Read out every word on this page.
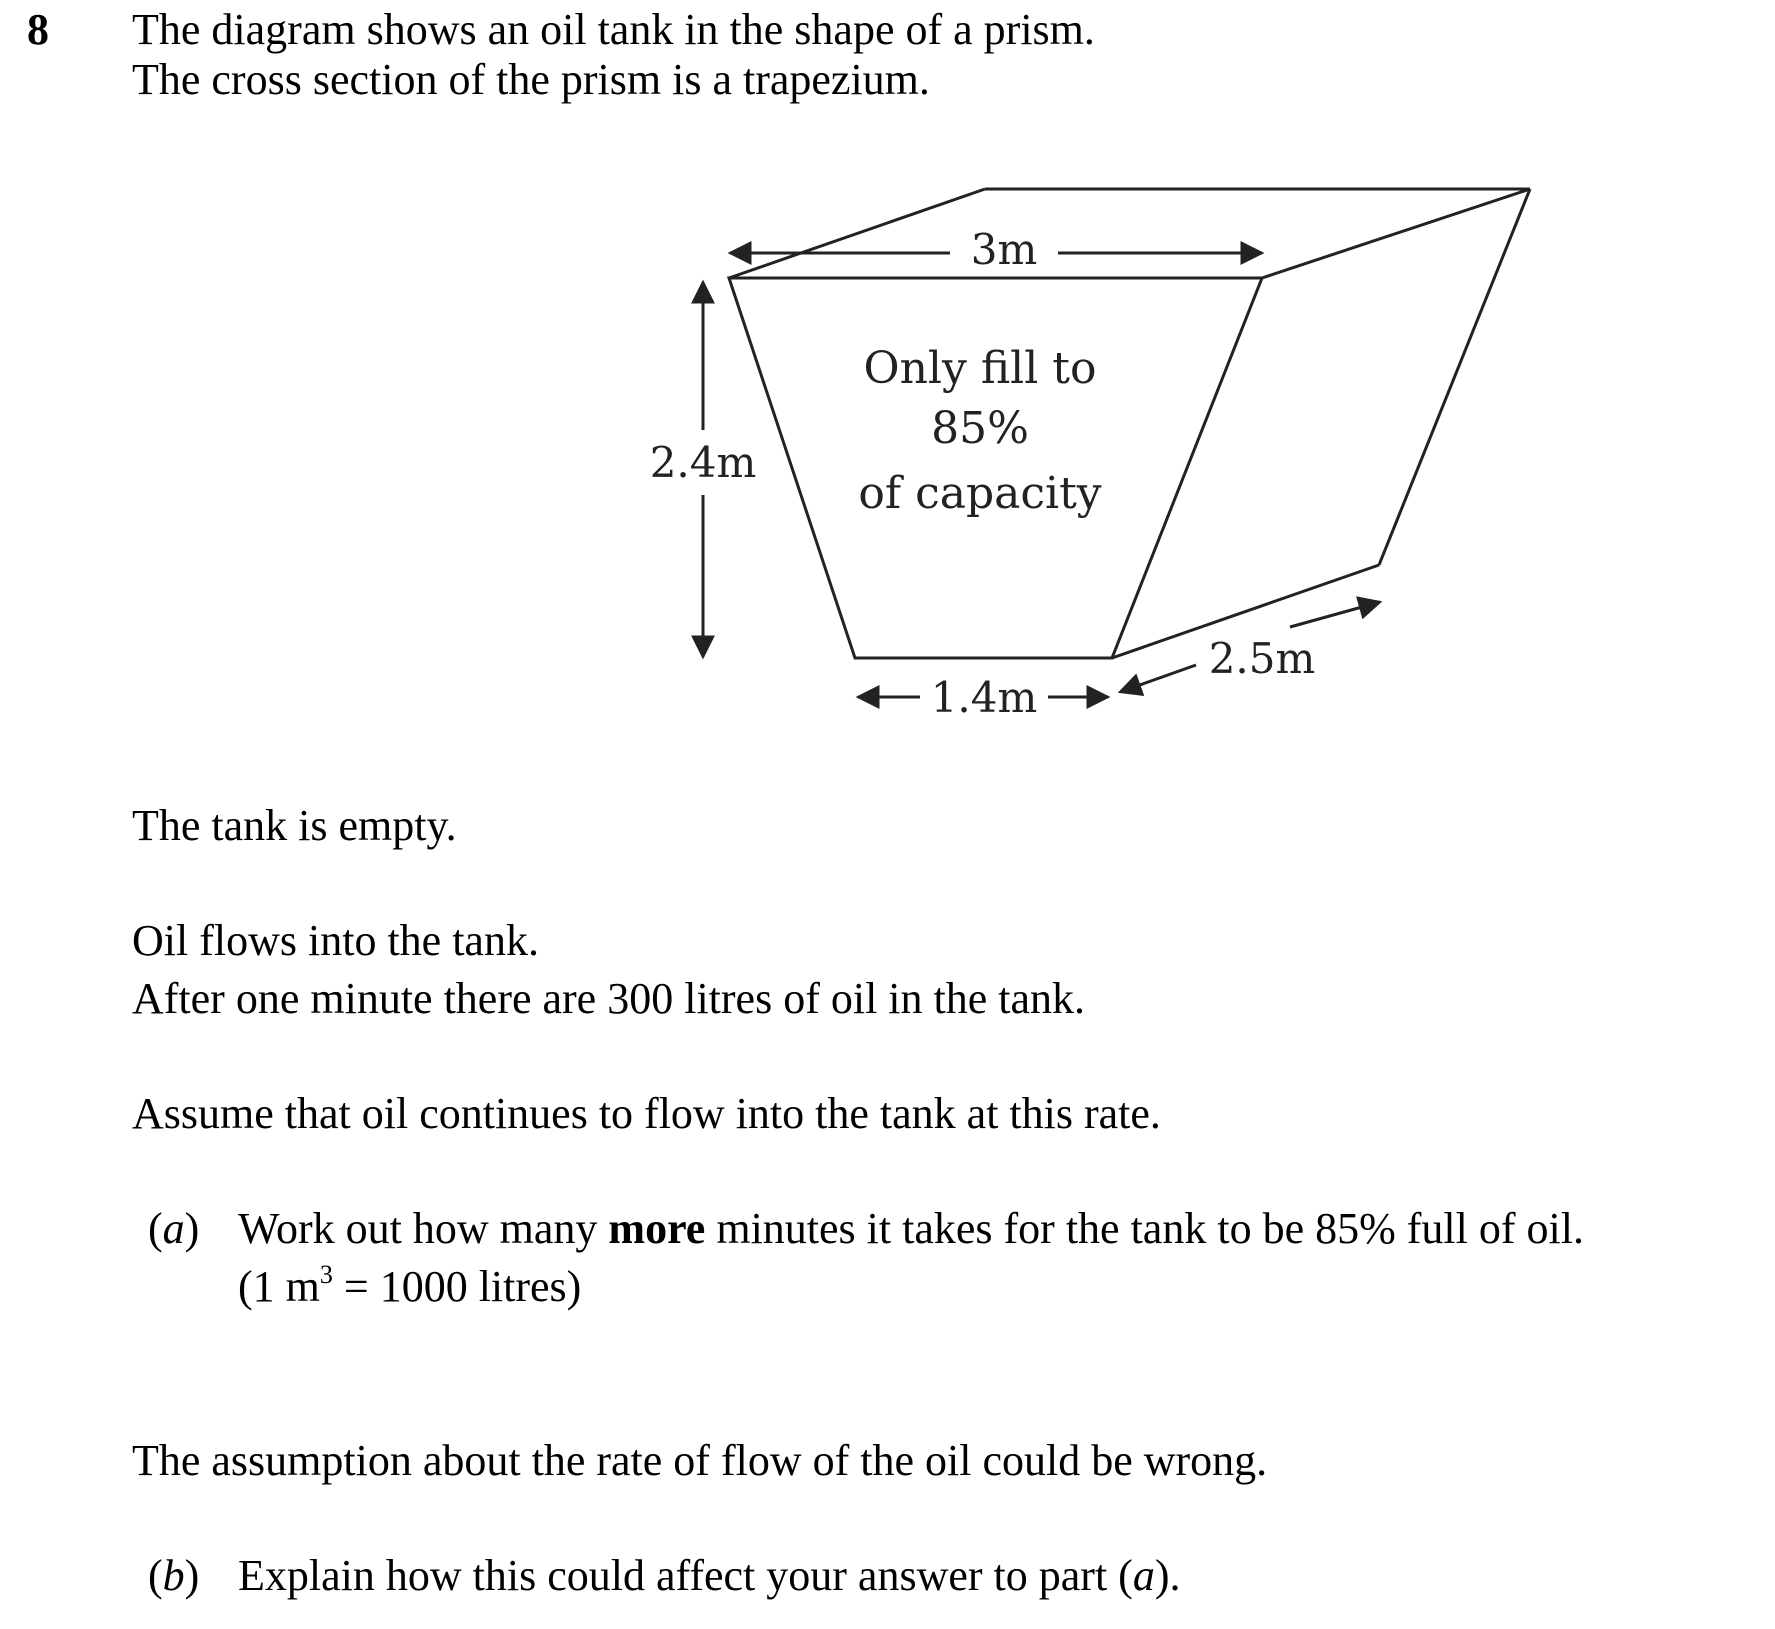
8 The diagram shows an oil tank in the shape of a prism.
The cross section of the prism is a trapezium.
3m
2.4m
1.4m
2.5m
Only fill to
85%
of capacity
The tank is empty.
Oil flows into the tank.
After one minute there are 300 litres of oil in the tank.
Assume that oil continues to flow into the tank at this rate.
(a) Work out how many more minutes it takes for the tank to be 85% full of oil.
(1 $m^3 = 1000$ litres)
The assumption about the rate of flow of the oil could be wrong.
(b) Explain how this could affect your answer to part (a).
